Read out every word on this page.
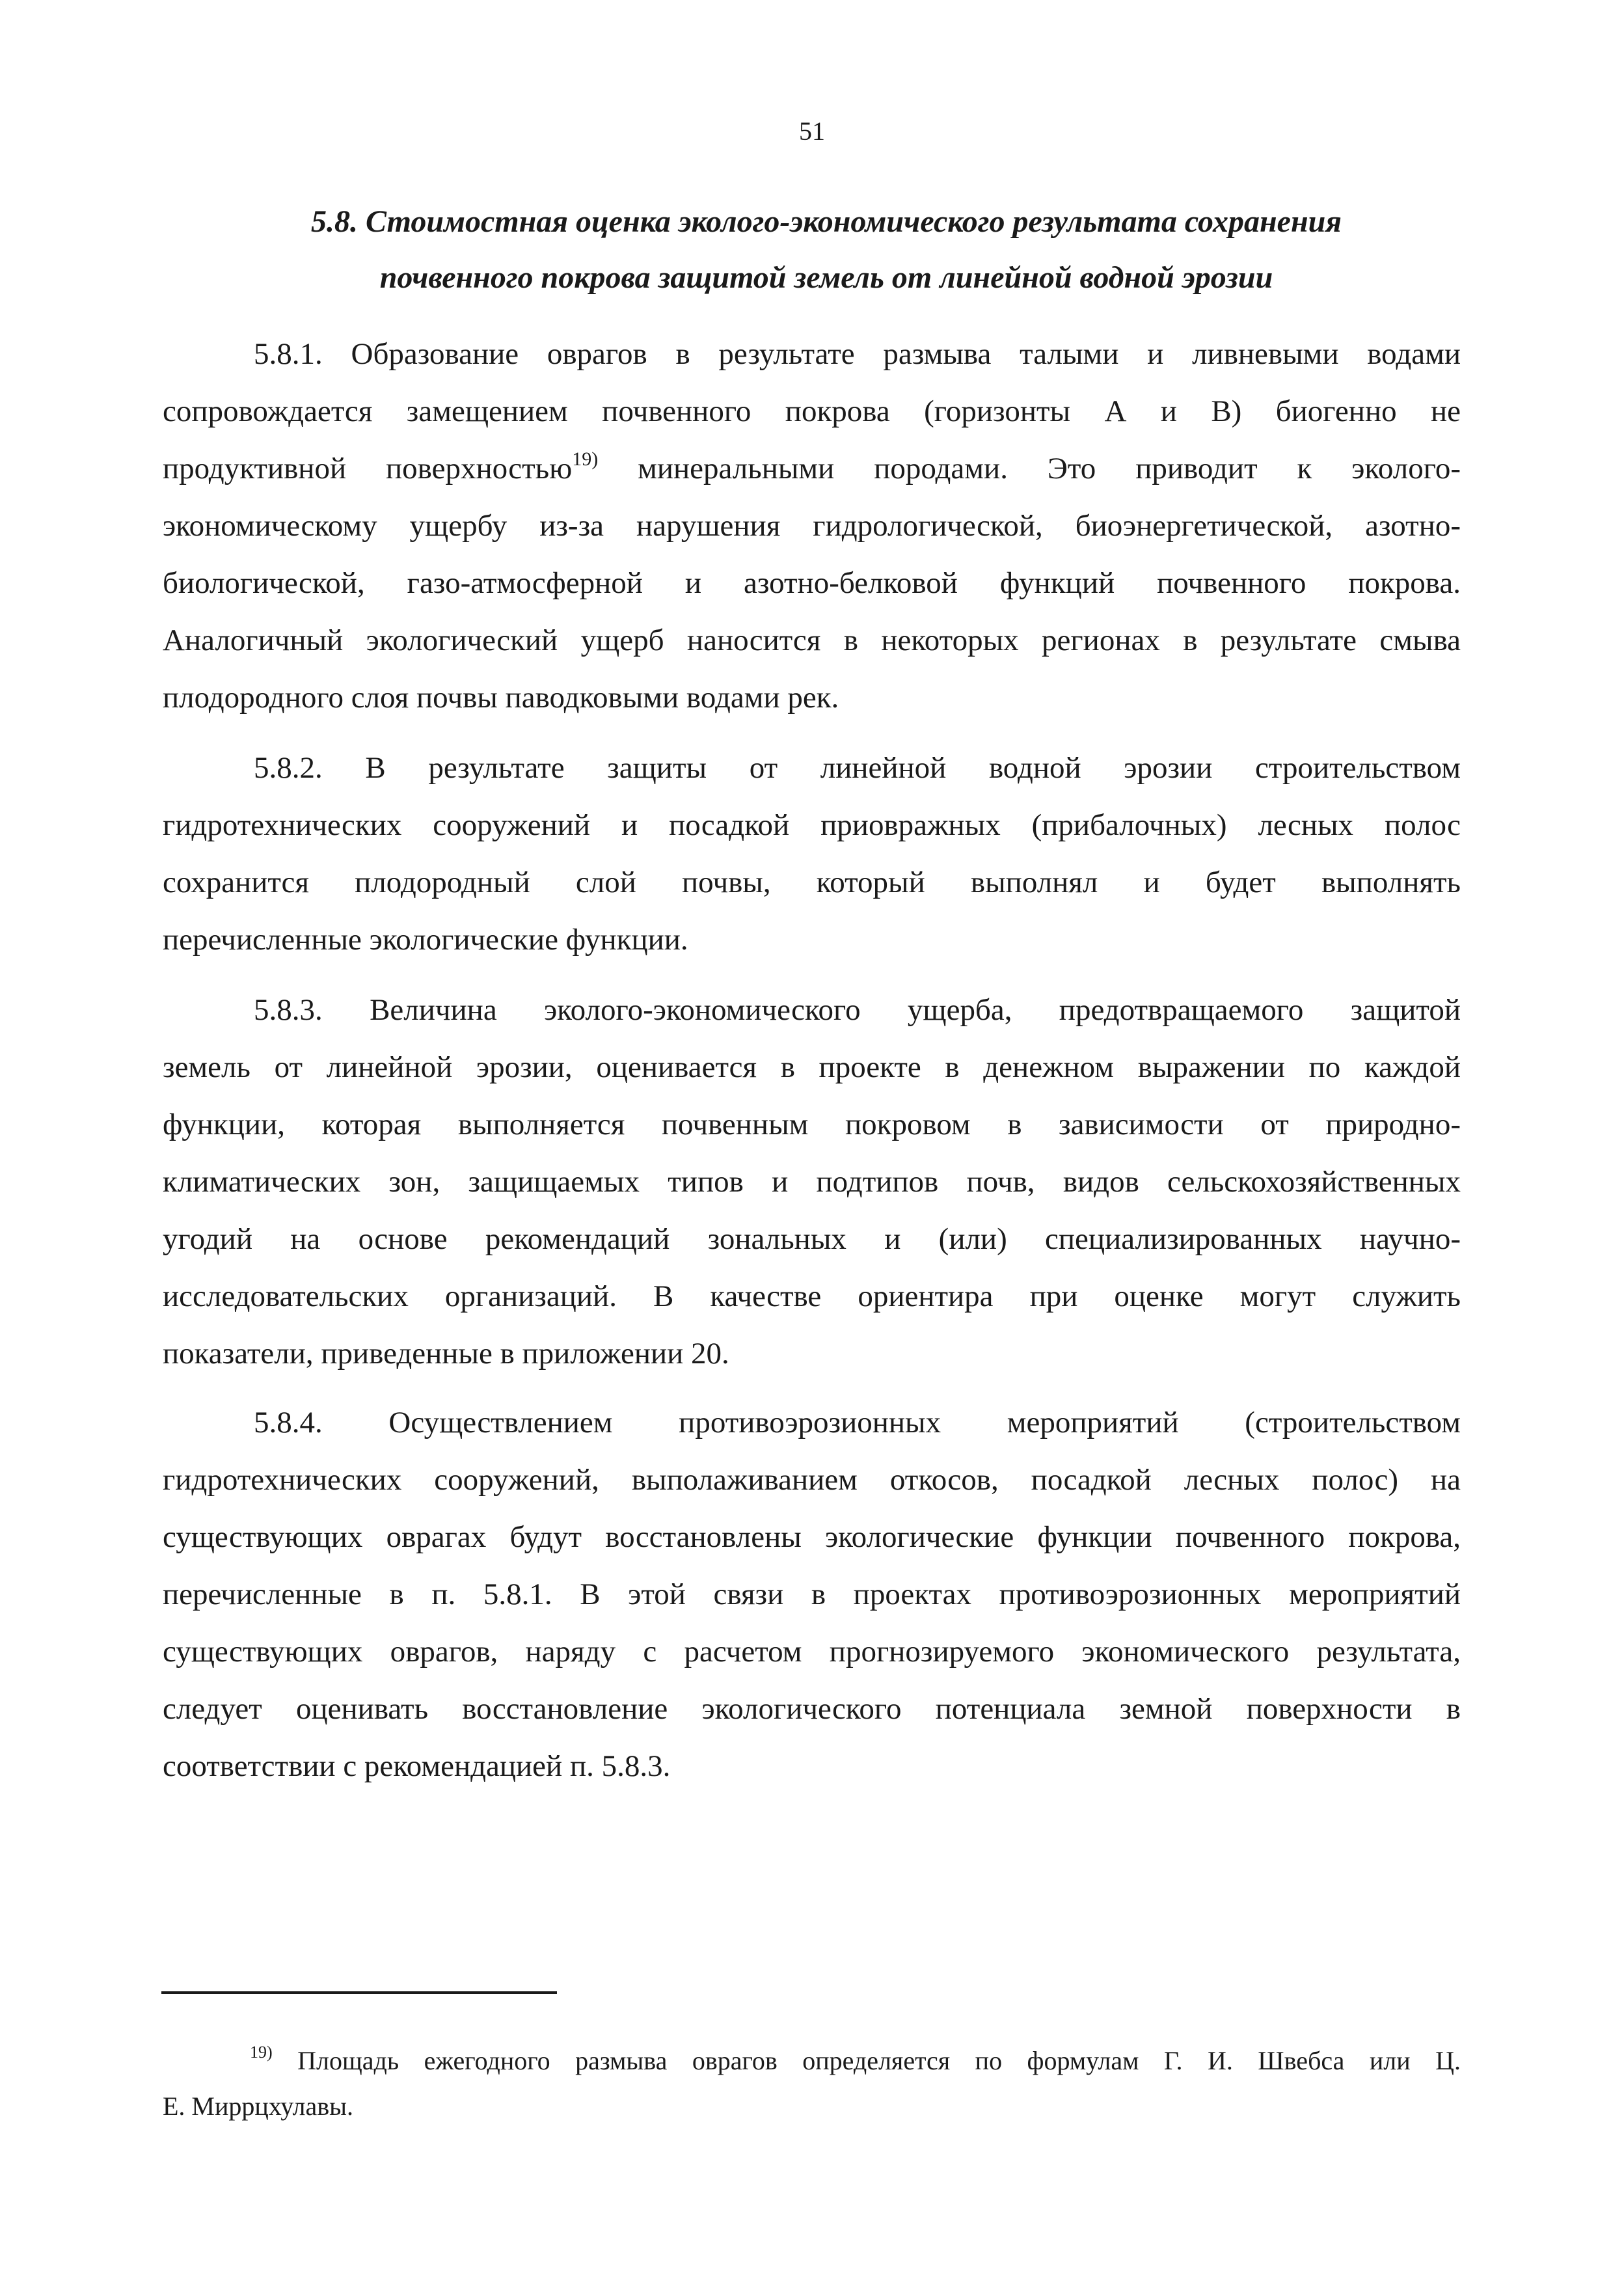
51
5.8. Стоимостная оценка эколого-экономического результата сохранения
почвенного покрова защитой земель от линейной водной эрозии
5.8.1. Образование оврагов в результате размыва талыми и ливневыми водами
сопровождается замещением почвенного покрова (горизонты А и В) биогенно не
продуктивной поверхностью$^{19)}$ минеральными породами. Это приводит к эколого-
экономическому ущербу из-за нарушения гидрологической, биоэнергетической, азотно-
биологической, газо-атмосферной и азотно-белковой функций почвенного покрова.
Аналогичный экологический ущерб наносится в некоторых регионах в результате смыва
плодородного слоя почвы паводковыми водами рек.
5.8.2. В результате защиты от линейной водной эрозии строительством
гидротехнических сооружений и посадкой приовражных (прибалочных) лесных полос
сохранится плодородный слой почвы, который выполнял и будет выполнять
перечисленные экологические функции.
5.8.3. Величина эколого-экономического ущерба, предотвращаемого защитой
земель от линейной эрозии, оценивается в проекте в денежном выражении по каждой
функции, которая выполняется почвенным покровом в зависимости от природно-
климатических зон, защищаемых типов и подтипов почв, видов сельскохозяйственных
угодий на основе рекомендаций зональных и (или) специализированных научно-
исследовательских организаций. В качестве ориентира при оценке могут служить
показатели, приведенные в приложении 20.
5.8.4. Осуществлением противоэрозионных мероприятий (строительством
гидротехнических сооружений, выполаживанием откосов, посадкой лесных полос) на
существующих оврагах будут восстановлены экологические функции почвенного покрова,
перечисленные в п. 5.8.1. В этой связи в проектах противоэрозионных мероприятий
существующих оврагов, наряду с расчетом прогнозируемого экономического результата,
следует оценивать восстановление экологического потенциала земной поверхности в
соответствии с рекомендацией п. 5.8.3.
$^{19)}$ Площадь ежегодного размыва оврагов определяется по формулам Г. И. Швебса или Ц.
Е. Миррцхулавы.
